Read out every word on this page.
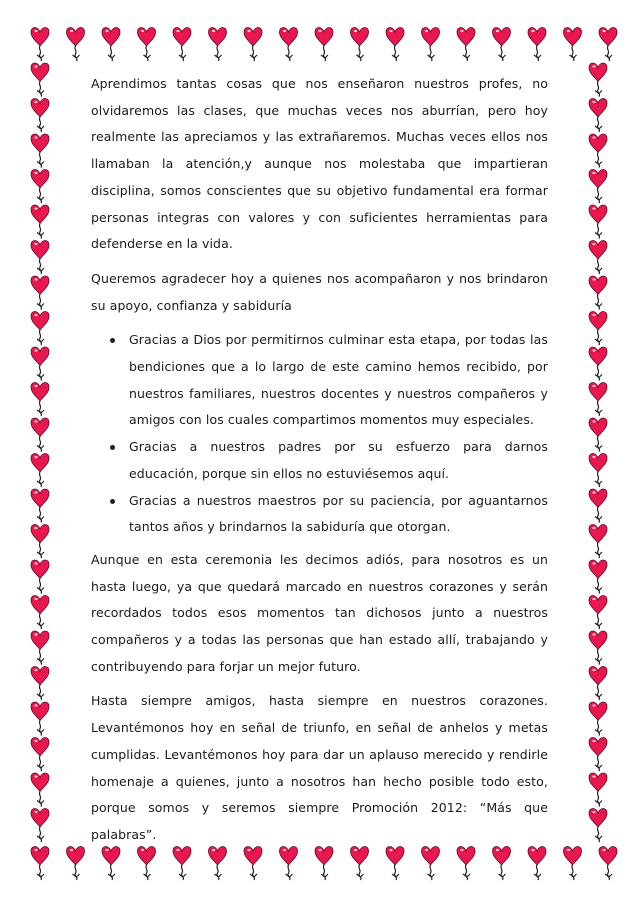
Aprendimos tantas cosas que nos enseñaron nuestros profes, no olvidaremos las clases, que muchas veces nos aburrían, pero hoy realmente las apreciamos y las extrañaremos. Muchas veces ellos nos llamaban la atención,y aunque nos molestaba que impartieran disciplina, somos conscientes que su objetivo fundamental era formar personas integras con valores y con suficientes herramientas para defenderse en la vida.

Queremos agradecer hoy a quienes nos acompañaron y nos brindaron su apoyo, confianza y sabiduría

Gracias a Dios por permitirnos culminar esta etapa, por todas las bendiciones que a lo largo de este camino hemos recibido, por nuestros familiares, nuestros docentes y nuestros compañeros y amigos con los cuales compartimos momentos muy especiales.
Gracias a nuestros padres por su esfuerzo para darnos educación, porque sin ellos no estuviésemos aquí.
Gracias a nuestros maestros por su paciencia, por aguantarnos tantos años y brindarnos la sabiduría que otorgan.

Aunque en esta ceremonia les decimos adiós, para nosotros es un hasta luego, ya que quedará marcado en nuestros corazones y serán recordados todos esos momentos tan dichosos junto a nuestros compañeros y a todas las personas que han estado allí, trabajando y contribuyendo para forjar un mejor futuro.

Hasta siempre amigos, hasta siempre en nuestros corazones. Levantémonos hoy en señal de triunfo, en señal de anhelos y metas cumplidas. Levantémonos hoy para dar un aplauso merecido y rendirle homenaje a quienes, junto a nosotros han hecho posible todo esto, porque somos y seremos siempre Promoción 2012: “Más que palabras”.
